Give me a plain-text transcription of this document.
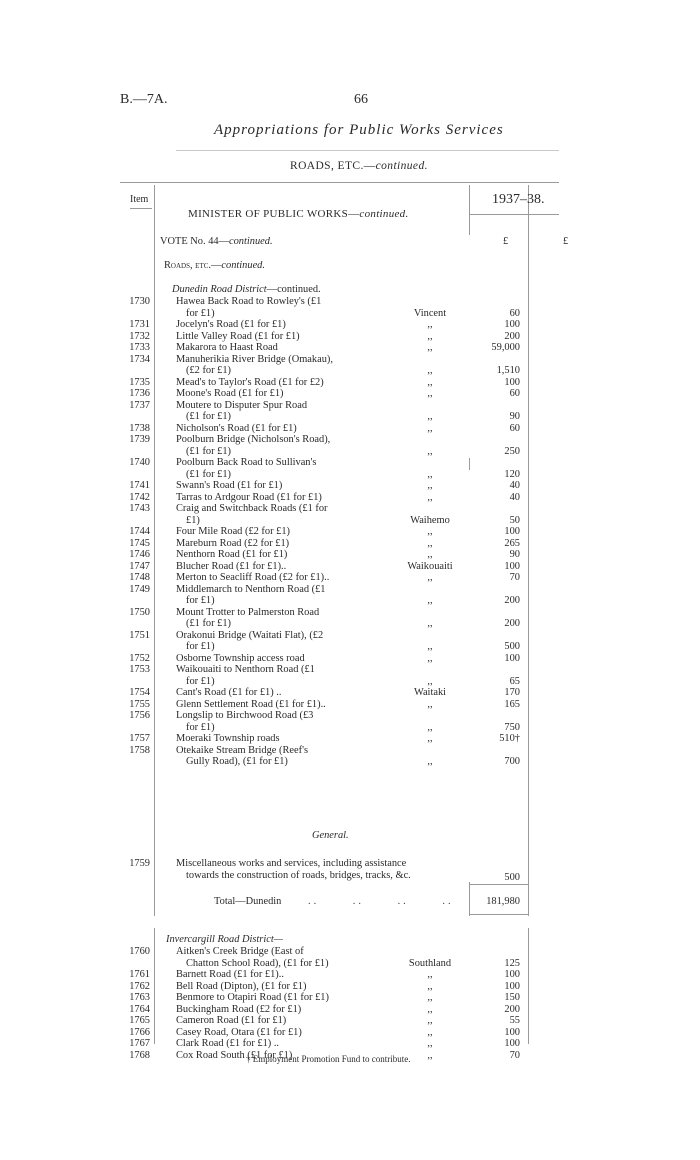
B.—7A.	66
Appropriations for Public Works Services
ROADS, ETC.—continued.
Item	1937–38.
£	£
MINISTER OF PUBLIC WORKS—continued.
VOTE No. 44—continued.
Roads, etc.—continued.
Dunedin Road District—continued.
1730	Hawea Back Road to Rowley's (£1
for £1)	Vincent	60
1731	Jocelyn's Road (£1 for £1)	,,	100
1732	Little Valley Road (£1 for £1)	,,	200
1733	Makarora to Haast Road	,,	59,000
1734	Manuherikia River Bridge (Omakau),
(£2 for £1)	,,	1,510
1735	Mead's to Taylor's Road (£1 for £2)	,,	100
1736	Moone's Road (£1 for £1)	,,	60
1737	Moutere to Disputer Spur Road
(£1 for £1)	,,	90
1738	Nicholson's Road (£1 for £1)	,,	60
1739	Poolburn Bridge (Nicholson's Road),
(£1 for £1)	,,	250
1740	Poolburn Back Road to Sullivan's
(£1 for £1)	,,	120
1741	Swann's Road (£1 for £1)	,,	40
1742	Tarras to Ardgour Road (£1 for £1)	,,	40
1743	Craig and Switchback Roads (£1 for
£1)	Waihemo	50
1744	Four Mile Road (£2 for £1)	,,	100
1745	Mareburn Road (£2 for £1)	,,	265
1746	Nenthorn Road (£1 for £1)	,,	90
1747	Blucher Road (£1 for £1)..	Waikouaiti	100
1748	Merton to Seacliff Road (£2 for £1)..	,,	70
1749	Middlemarch to Nenthorn Road (£1
for £1)	,,	200
1750	Mount Trotter to Palmerston Road
(£1 for £1)	,,	200
1751	Orakonui Bridge (Waitati Flat), (£2
for £1)	,,	500
1752	Osborne Township access road	,,	100
1753	Waikouaiti to Nenthorn Road (£1
for £1)	,,	65
1754	Cant's Road (£1 for £1) ..	Waitaki	170
1755	Glenn Settlement Road (£1 for £1)..	,,	165
1756	Longslip to Birchwood Road (£3
for £1)	,,	750
1757	Moeraki Township roads	,,	510†
1758	Otekaike Stream Bridge (Reef's
Gully Road), (£1 for £1)	,,	700
General.
1759	Miscellaneous works and services, including assistance
towards the construction of roads, bridges, tracks, &c.	500
Total—Dunedin	..      ..      ..      ..	181,980
Invercargill Road District—
1760	Aitken's Creek Bridge (East of
Chatton School Road), (£1 for £1)	Southland	125
1761	Barnett Road (£1 for £1)..	,,	100
1762	Bell Road (Dipton), (£1 for £1)	,,	100
1763	Benmore to Otapiri Road (£1 for £1)	,,	150
1764	Buckingham Road (£2 for £1)	,,	200
1765	Cameron Road (£1 for £1)	,,	55
1766	Casey Road, Otara (£1 for £1)	,,	100
1767	Clark Road (£1 for £1) ..	,,	100
1768	Cox Road South (£1 for £1)	,,	70
† Employment Promotion Fund to contribute.
